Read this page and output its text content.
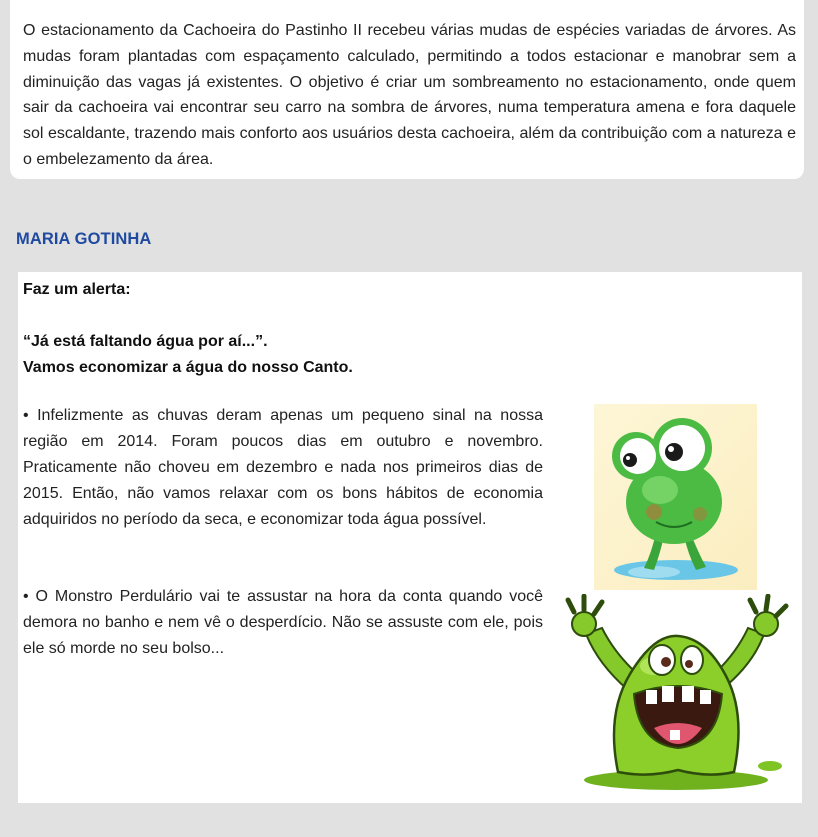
O estacionamento da Cachoeira do Pastinho II recebeu várias mudas de espécies variadas de árvores. As mudas foram plantadas com espaçamento calculado, permitindo a todos estacionar e manobrar sem a diminuição das vagas já existentes. O objetivo é criar um sombreamento no estacionamento, onde quem sair da cachoeira vai encontrar seu carro na sombra de árvores, numa temperatura amena e fora daquele sol escaldante, trazendo mais conforto aos usuários desta cachoeira, além da contribuição com a natureza e o embelezamento da área.

MARIA GOTINHA

Faz um alerta:

“Já está faltando água por aí...”.
Vamos economizar a água do nosso Canto.

• Infelizmente as chuvas deram apenas um pequeno sinal na nossa região em 2014. Foram poucos dias em outubro e novembro. Praticamente não choveu em dezembro e nada nos primeiros dias de 2015. Então, não vamos relaxar com os bons hábitos de economia adquiridos no período da seca, e economizar toda água possível.

• O Monstro Perdulário vai te assustar na hora da conta quando você demora no banho e nem vê o desperdício. Não se assuste com ele, pois ele só morde no seu bolso...
